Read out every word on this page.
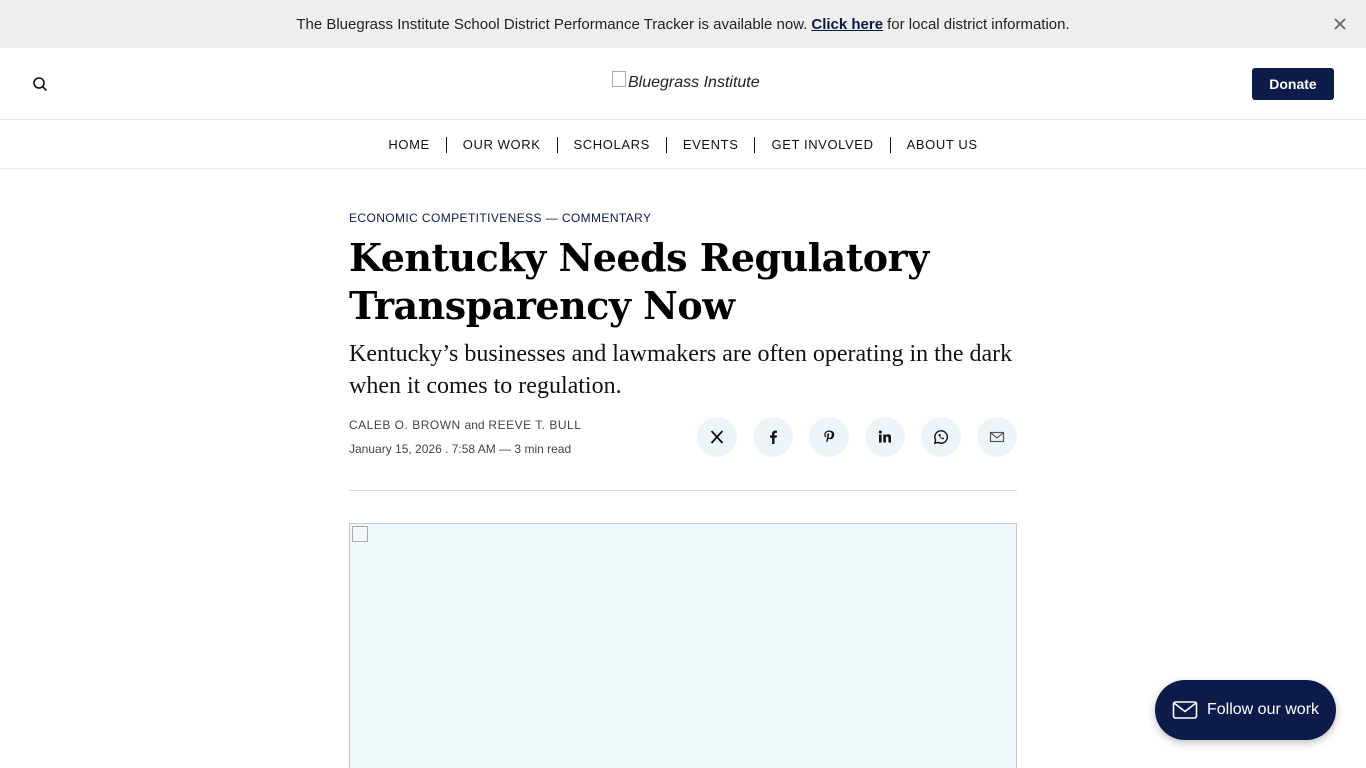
The Bluegrass Institute School District Performance Tracker is available now. Click here for local district information.
Bluegrass Institute	Donate
HOME	OUR WORK	SCHOLARS	EVENTS	GET INVOLVED	ABOUT US
ECONOMIC COMPETITIVENESS — COMMENTARY
Kentucky Needs Regulatory Transparency Now

Kentucky’s businesses and lawmakers are often operating in the dark when it comes to regulation.

CALEB O. BROWN and REEVE T. BULL
January 15, 2026 . 7:58 AM — 3 min read
Follow our work
